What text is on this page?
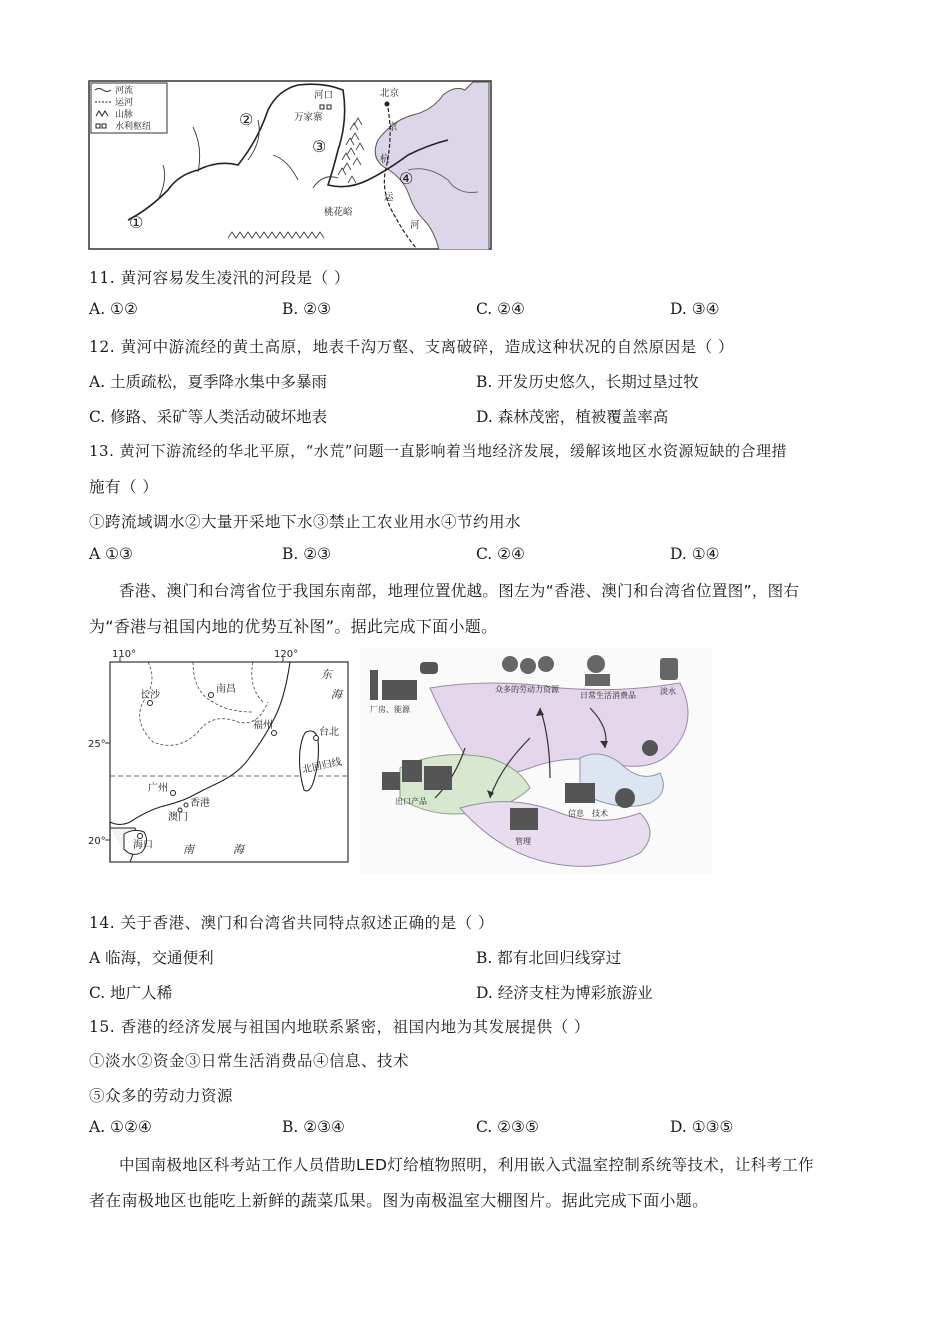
河流
运河
山脉
水利枢纽
河口
万家寨
北京
桃花峪
京
杭
运
河
①
②
③
④
11. 黄河容易发生凌汛的河段是（ ）
A. ①②	B. ②③	C. ②④	D. ③④
12. 黄河中游流经的黄土高原，地表千沟万壑、支离破碎，造成这种状况的自然原因是（ ）
A. 土质疏松，夏季降水集中多暴雨	B. 开发历史悠久，长期过垦过牧
C. 修路、采矿等人类活动破坏地表	D. 森林茂密，植被覆盖率高
13. 黄河下游流经的华北平原，“水荒”问题一直影响着当地经济发展，缓解该地区水资源短缺的合理措
施有（ ）
①跨流域调水②大量开采地下水③禁止工农业用水④节约用水
A ①③	B. ②③	C. ②④	D. ①④
香港、澳门和台湾省位于我国东南部，地理位置优越。图左为“香港、澳门和台湾省位置图”，图右
为“香港与祖国内地的优势互补图”。据此完成下面小题。
110°	120°
25°
20°
长沙
南昌
福州
台北
广州
香港
澳门
海口
北回归线
东
海
南	海
厂房、能源
众多的劳动力资源
日常生活消费品	淡水
出口产品
信息 技术
管理
14. 关于香港、澳门和台湾省共同特点叙述正确的是（ ）
A 临海，交通便利	B. 都有北回归线穿过
C. 地广人稀	D. 经济支柱为博彩旅游业
15. 香港的经济发展与祖国内地联系紧密，祖国内地为其发展提供（ ）
①淡水②资金③日常生活消费品④信息、技术
⑤众多的劳动力资源
A. ①②④	B. ②③④	C. ②③⑤	D. ①③⑤
中国南极地区科考站工作人员借助LED灯给植物照明，利用嵌入式温室控制系统等技术，让科考工作
者在南极地区也能吃上新鲜的蔬菜瓜果。图为南极温室大棚图片。据此完成下面小题。
